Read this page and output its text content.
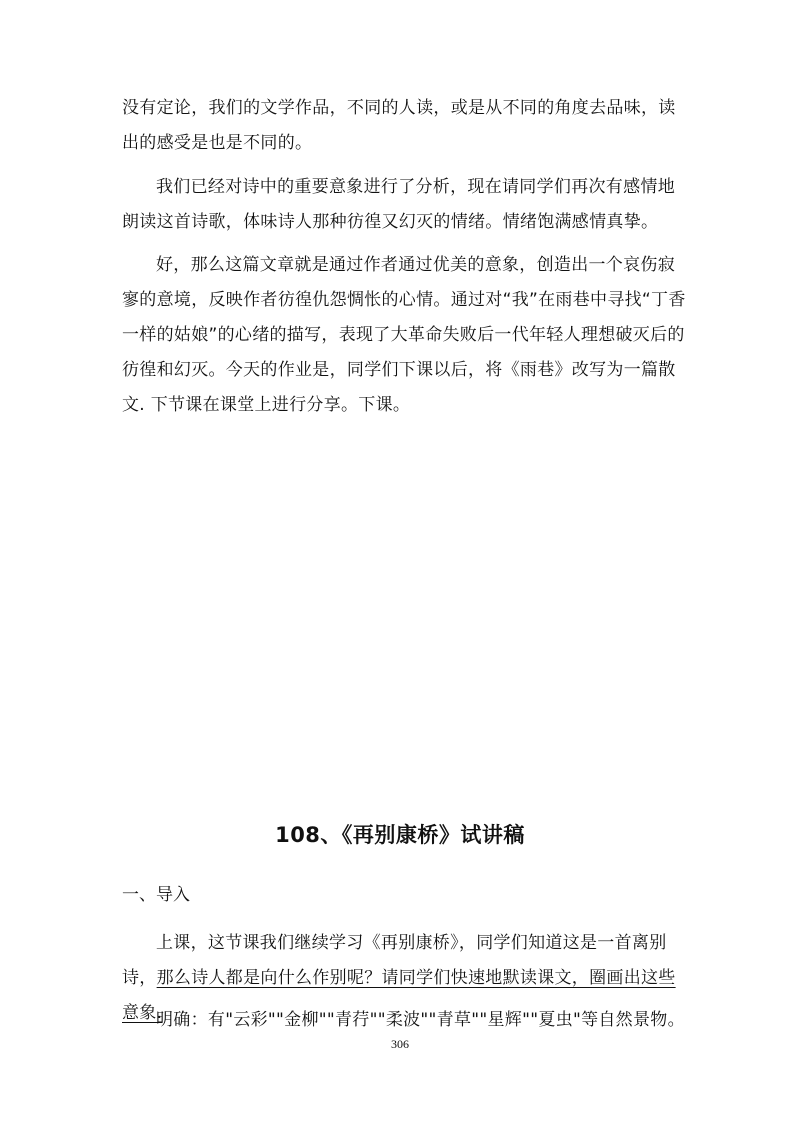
没有定论，我们的文学作品，不同的人读，或是从不同的角度去品味，读出的感受是也是不同的。

我们已经对诗中的重要意象进行了分析，现在请同学们再次有感情地朗读这首诗歌，体味诗人那种彷徨又幻灭的情绪。情绪饱满感情真挚。

好，那么这篇文章就是通过作者通过优美的意象，创造出一个哀伤寂寥的意境，反映作者彷徨仇怨惆怅的心情。通过对“我”在雨巷中寻找“丁香一样的姑娘”的心绪的描写，表现了大革命失败后一代年轻人理想破灭后的彷徨和幻灭。今天的作业是，同学们下课以后，将《雨巷》改写为一篇散文. 下节课在课堂上进行分享。下课。

108、《再别康桥》试讲稿

一、导入

上课，这节课我们继续学习《再别康桥》，同学们知道这是一首离别诗，那么诗人都是向什么作别呢？请同学们快速地默读课文，圈画出这些意象.

明确：有"云彩""金柳""青荇""柔波""青草""星辉""夏虫"等自然景物。

306
